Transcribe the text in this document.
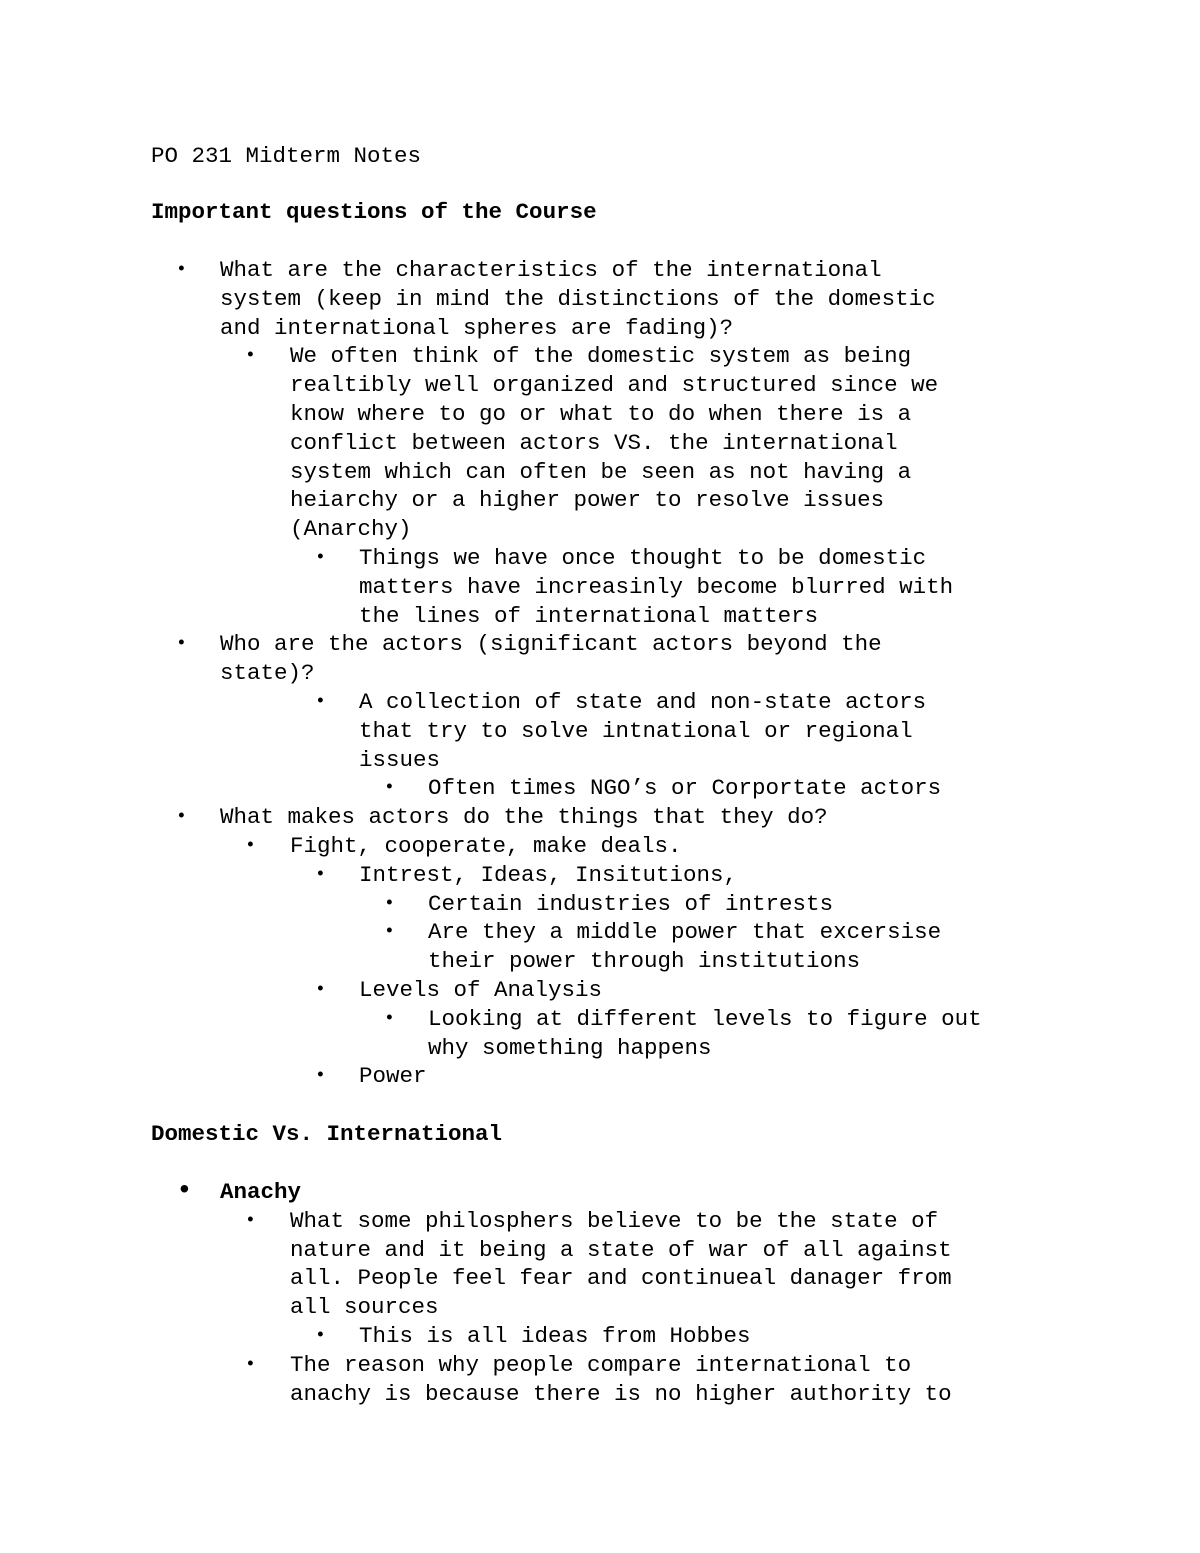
PO 231 Midterm Notes
Important questions of the Course
• What are the characteristics of the international
system (keep in mind the distinctions of the domestic
and international spheres are fading)?
• We often think of the domestic system as being
realtibly well organized and structured since we
know where to go or what to do when there is a
conflict between actors VS. the international
system which can often be seen as not having a
heiarchy or a higher power to resolve issues
(Anarchy)
• Things we have once thought to be domestic
matters have increasinly become blurred with
the lines of international matters
• Who are the actors (significant actors beyond the
state)?
• A collection of state and non-state actors
that try to solve intnational or regional
issues
• Often times NGO’s or Corportate actors
• What makes actors do the things that they do?
• Fight, cooperate, make deals.
• Intrest, Ideas, Insitutions,
• Certain industries of intrests
• Are they a middle power that excersise
their power through institutions
• Levels of Analysis
• Looking at different levels to figure out
why something happens
• Power
Domestic Vs. International
• Anachy
• What some philosphers believe to be the state of
nature and it being a state of war of all against
all. People feel fear and continueal danager from
all sources
• This is all ideas from Hobbes
• The reason why people compare international to
anachy is because there is no higher authority to
